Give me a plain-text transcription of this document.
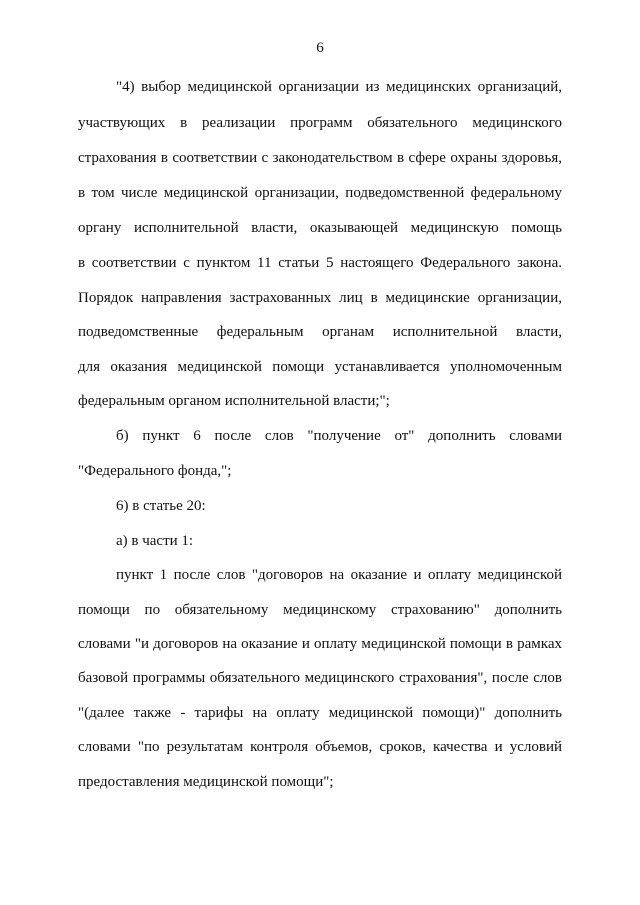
6
"4) выбор медицинской организации из медицинских организаций,
участвующих в реализации программ обязательного медицинского
страхования в соответствии с законодательством в сфере охраны здоровья,
в том числе медицинской организации, подведомственной федеральному
органу исполнительной власти, оказывающей медицинскую помощь
в соответствии с пунктом 11 статьи 5 настоящего Федерального закона.
Порядок направления застрахованных лиц в медицинские организации,
подведомственные федеральным органам исполнительной власти,
для оказания медицинской помощи устанавливается уполномоченным
федеральным органом исполнительной власти;";
б) пункт 6 после слов "получение от" дополнить словами
"Федерального фонда,";
6) в статье 20:
а) в части 1:
пункт 1 после слов "договоров на оказание и оплату медицинской
помощи по обязательному медицинскому страхованию" дополнить
словами "и договоров на оказание и оплату медицинской помощи в рамках
базовой программы обязательного медицинского страхования", после слов
"(далее также - тарифы на оплату медицинской помощи)" дополнить
словами "по результатам контроля объемов, сроков, качества и условий
предоставления медицинской помощи";
